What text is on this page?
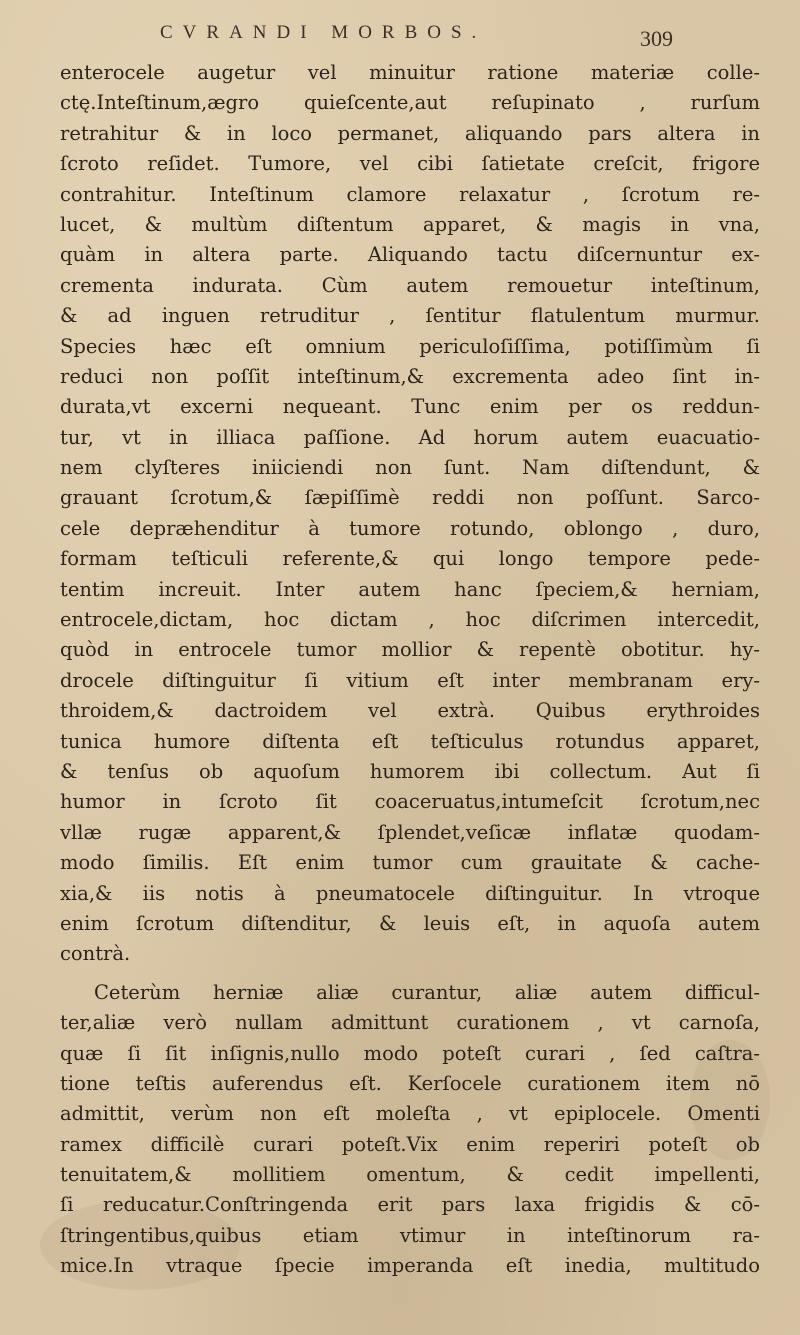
CVRANDI MORBOS.	309
enterocele augetur vel minuitur ratione materiæ colle-
ctę.Inteſtinum,ægro quieſcente,aut reſupinato , rurſum
retrahitur & in loco permanet, aliquando pars altera in
ſcroto reſidet. Tumore, vel cibi ſatietate creſcit, frigore
contrahitur. Inteſtinum clamore relaxatur , ſcrotum re-
lucet, & multùm diſtentum apparet, & magis in vna,
quàm in altera parte. Aliquando tactu diſcernuntur ex-
crementa indurata. Cùm autem remouetur inteſtinum,
& ad inguen retruditur , ſentitur flatulentum murmur.
Species hæc eſt omnium periculoſiſſima, potiſſimùm ſi
reduci non poſſit inteſtinum,& excrementa adeo ſint in-
durata,vt excerni nequeant. Tunc enim per os reddun-
tur, vt in illiaca paſſione. Ad horum autem euacuatio-
nem clyſteres iniiciendi non ſunt. Nam diſtendunt, &
grauant ſcrotum,& ſæpiſſimè reddi non poſſunt. Sarco-
cele depræhenditur à tumore rotundo, oblongo , duro,
formam teſticuli referente,& qui longo tempore pede-
tentim increuit. Inter autem hanc ſpeciem,& herniam,
entrocele,dictam, hoc dictam , hoc diſcrimen intercedit,
quòd in entrocele tumor mollior & repentè obotitur. hy-
drocele diſtinguitur ſi vitium eſt inter membranam ery-
throidem,& dactroidem vel extrà. Quibus erythroides
tunica humore diſtenta eſt teſticulus rotundus apparet,
& tenſus ob aquoſum humorem ibi collectum. Aut ſi
humor in ſcroto ſit coaceruatus,intumeſcit ſcrotum,nec
vllæ rugæ apparent,& ſplendet,veſicæ inflatæ quodam-
modo ſimilis. Eſt enim tumor cum grauitate & cache-
xia,& iis notis à pneumatocele diſtinguitur. In vtroque
enim ſcrotum diſtenditur, & leuis eſt, in aquoſa autem
contrà.
Ceterùm herniæ aliæ curantur, aliæ autem difficul-
ter,aliæ verò nullam admittunt curationem , vt carnoſa,
quæ ſi ſit inſignis,nullo modo poteſt curari , ſed caſtra-
tione teſtis auferendus eſt. Kerſocele curationem item nō
admittit, verùm non eſt moleſta , vt epiplocele. Omenti
ramex difficilè curari poteſt.Vix enim reperiri poteſt ob
tenuitatem,& mollitiem omentum, & cedit impellenti,
ſi reducatur.Conſtringenda erit pars laxa frigidis & cō-
ſtringentibus,quibus etiam vtimur in inteſtinorum ra-
mice.In vtraque ſpecie imperanda eſt inedia, multitudo
